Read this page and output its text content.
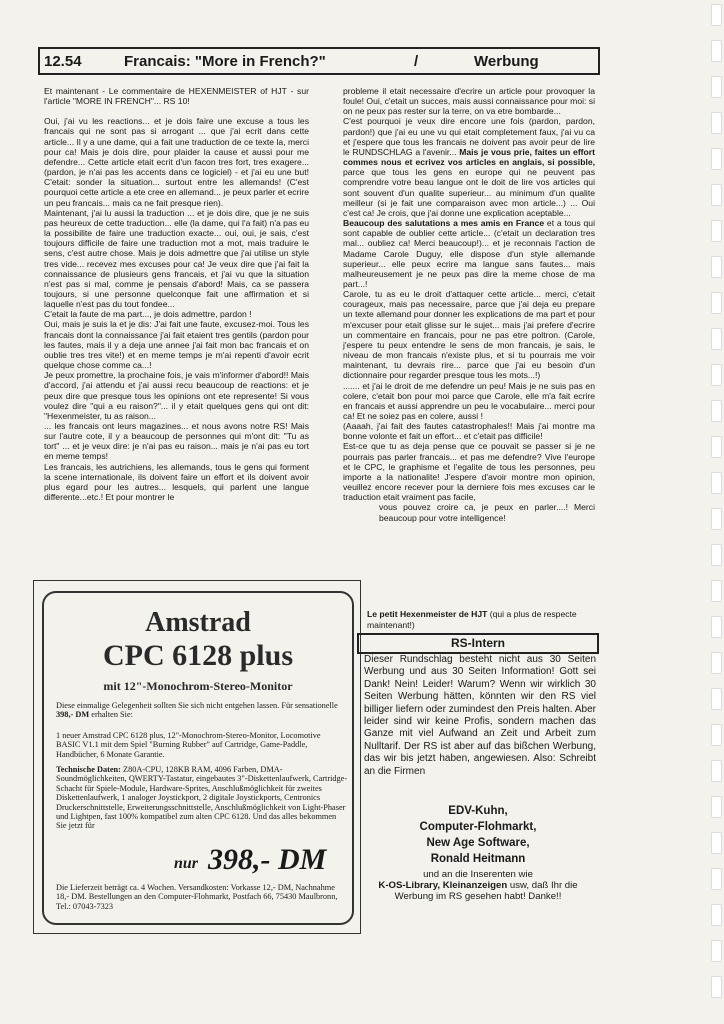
12.54	Francais: "More in French?"	/	Werbung

Et maintenant - Le commentaire de HEXENMEISTER of HJT - sur l'article "MORE IN FRENCH"... RS 10!

Oui, j'ai vu les reactions... et je dois faire une excuse a tous les francais qui ne sont pas si arrogant ... que j'ai ecrit dans cette article... Il y a une dame, qui a fait une traduction de ce texte la, merci pour ca! Mais je dois dire, pour plaider la cause et aussi pour me defendre... Cette article etait ecrit d'un facon tres fort, tres exagere... (pardon, je n'ai pas les accents dans ce logiciel) - et j'ai eu une but! C'etait: sonder la situation... surtout entre les allemands! (C'est pourquoi cette article a ete cree en allemand... je peux parler et ecrire un peu francais... mais ca ne fait presque rien).

Maintenant, j'ai lu aussi la traduction ... et je dois dire, que je ne suis pas heureux de cette traduction... elle (la dame, qui l'a fait) n'a pas eu la possibilite de faire une traduction exacte... oui, oui, je sais, c'est toujours difficile de faire une traduction mot a mot, mais traduire le sens, c'est autre chose. Mais je dois admettre que j'ai utilise un style tres vide... recevez mes excuses pour ca! Je veux dire que j'ai fait la connaissance de plusieurs gens francais, et j'ai vu que la situation n'est pas si mal, comme je pensais d'abord! Mais, ca se passera toujours, si une personne quelconque fait une affirmation et si laquelle n'est pas du tout fondee...

C'etait la faute de ma part..., je dois admettre, pardon !

Oui, mais je suis la et je dis: J'ai fait une faute, excusez-moi. Tous les francais dont la connaissance j'ai fait etaient tres gentils (pardon pour les fautes, mais il y a deja une annee j'ai fait mon bac francais et on oublie tres tres vite!) et en meme temps je m'ai repenti d'avoir ecrit quelque chose comme ca...!

Je peux promettre, la prochaine fois, je vais m'informer d'abord!! Mais d'accord, j'ai attendu et j'ai aussi recu beaucoup de reactions: et je peux dire que presque tous les opinions ont ete represente! Si vous voulez dire "qui a eu raison?"... il y etait quelques gens qui ont dit: "Hexenmeister, tu as raison...

... les francais ont leurs magazines... et nous avons notre RS! Mais sur l'autre cote, il y a beaucoup de personnes qui m'ont dit: "Tu as tort" ... et je veux dire: je n'ai pas eu raison... mais je n'ai pas eu tort en meme temps!

Les francais, les autrichiens, les allemands, tous le gens qui forment la scene internationale, ils doivent faire un effort et ils doivent avoir plus egard pour les autres... lesquels, qui parlent une langue differente...etc.! Et pour montrer le

probleme il etait necessaire d'ecrire un article pour provoquer la foule! Oui, c'etait un succes, mais aussi connaissance pour moi: si on ne peux pas rester sur la terre, on va etre bombarde...

C'est pourquoi je veux dire encore une fois (pardon, pardon, pardon!) que j'ai eu une vu qui etait completement faux, j'ai vu ca et j'espere que tous les francais ne doivent pas avoir peur de lire le RUNDSCHLAG a l'avenir... Mais je vous prie, faites un effort commes nous et ecrivez vos articles en anglais, si possible, parce que tous les gens en europe qui ne peuvent pas comprendre votre beau langue ont le doit de lire vos articles qui sont souvent d'un qualite superieur... au minimum d'un qualite meilleur (si je fait une comparaison avec mon article...) ... Oui c'est ca! Je crois, que j'ai donne une explication aceptable...

Beaucoup des salutations a mes amis en France et a tous qui sont capable de oublier cette article... (c'etait un declaration tres mal... oubliez ca! Merci beaucoup!)... et je reconnais l'action de Madame Carole Duguy, elle dispose d'un style allemande superieur... elle peux ecrire ma langue sans fautes... mais malheureusement je ne peux pas dire la meme chose de ma part...!

Carole, tu as eu le droit d'attaquer cette article... merci, c'etait courageux, mais pas necessaire, parce que j'ai deja eu prepare un texte allemand pour donner les explications de ma part et pour m'excuser pour etait glisse sur le sujet... mais j'ai prefere d'ecrire un commentaire en francais, pour ne pas etre poltron. (Carole, j'espere tu peux entendre le sens de mon francais, je sais, le niveau de mon francais n'existe plus, et si tu pourrais me voir maintenant, tu devrais rire... parce que j'ai eu besoin d'un dictionnaire pour regarder presque tous les mots...!)

....... et j'ai le droit de me defendre un peu! Mais je ne suis pas en colere, c'etait bon pour moi parce que Carole, elle m'a fait ecrire en francais et aussi apprendre un peu le vocabulaire... merci pour ca! Et ne soiez pas en colere, aussi !

(Aaaah, j'ai fait des fautes catastrophales!! Mais j'ai montre ma bonne volonte et fait un effort... et c'etait pas difficile!

Est-ce que tu as deja pense que ce pouvait se passer si je ne pourrais pas parler francais... et pas me defendre? Vive l'europe et le CPC, le graphisme et l'egalite de tous les personnes, peu importe a la nationalite! J'espere d'avoir montre mon opinion, veuillez encore recever pour la derniere fois mes excuses car le traduction etait vraiment pas facile,

vous pouvez croire ca, je peux en parler....! Merci beaucoup pour votre intelligence!

Le petit Hexenmeister de HJT (qui a plus de respecte maintenant!)
Amstrad
CPC 6128 plus
mit 12"-Monochrom-Stereo-Monitor
Diese einmalige Gelegenheit sollten Sie sich nicht entgehen lassen. Für sensationelle 398,- DM erhalten Sie:
1 neuer Amstrad CPC 6128 plus, 12"-Monochrom-Stereo-Monitor, Locomotive BASIC V1.1 mit dem Spiel "Burning Rubber" auf Cartridge, Game-Paddle, Handbücher, 6 Monate Garantie.
Technische Daten: Z80A-CPU, 128KB RAM, 4096 Farben, DMA-Soundmöglichkeiten, QWERTY-Tastatur, eingebautes 3"-Diskettenlaufwerk, Cartridge-Schacht für Spiele-Module, Hardware-Sprites, Anschlußmöglichkeit für zweites Diskettenlaufwerk, 1 analoger Joystickport, 2 digitale Joystickports, Centronics Druckerschnittstelle, Erweiterungsschnittstelle, Anschlußmöglichkeit von Light-Phaser und Lightpen, fast 100% kompatibel zum alten CPC 6128. Und das alles bekommen Sie jetzt für
nur 398,- DM
Die Lieferzeit beträgt ca. 4 Wochen. Versandkosten: Vorkasse 12,- DM, Nachnahme 18,- DM. Bestellungen an den Computer-Flohmarkt, Postfach 66, 75430 Maulbronn, Tel.: 07043-7323
RS-Intern
Dieser Rundschlag besteht nicht aus 30 Seiten Werbung und aus 30 Seiten Information! Gott sei Dank! Nein! Leider! Warum? Wenn wir wirklich 30 Seiten Werbung hätten, könnten wir den RS viel billiger liefern oder zumindest den Preis halten. Aber leider sind wir keine Profis, sondern machen das Ganze mit viel Aufwand an Zeit und Arbeit zum Nulltarif. Der RS ist aber auf das bißchen Werbung, das wir bis jetzt haben, angewiesen. Also: Schreibt an die Firmen
EDV-Kuhn,
Computer-Flohmarkt,
New Age Software,
Ronald Heitmann
und an die Inserenten wie
K-OS-Library, Kleinanzeigen usw, daß Ihr die Werbung im RS gesehen habt! Danke!!
